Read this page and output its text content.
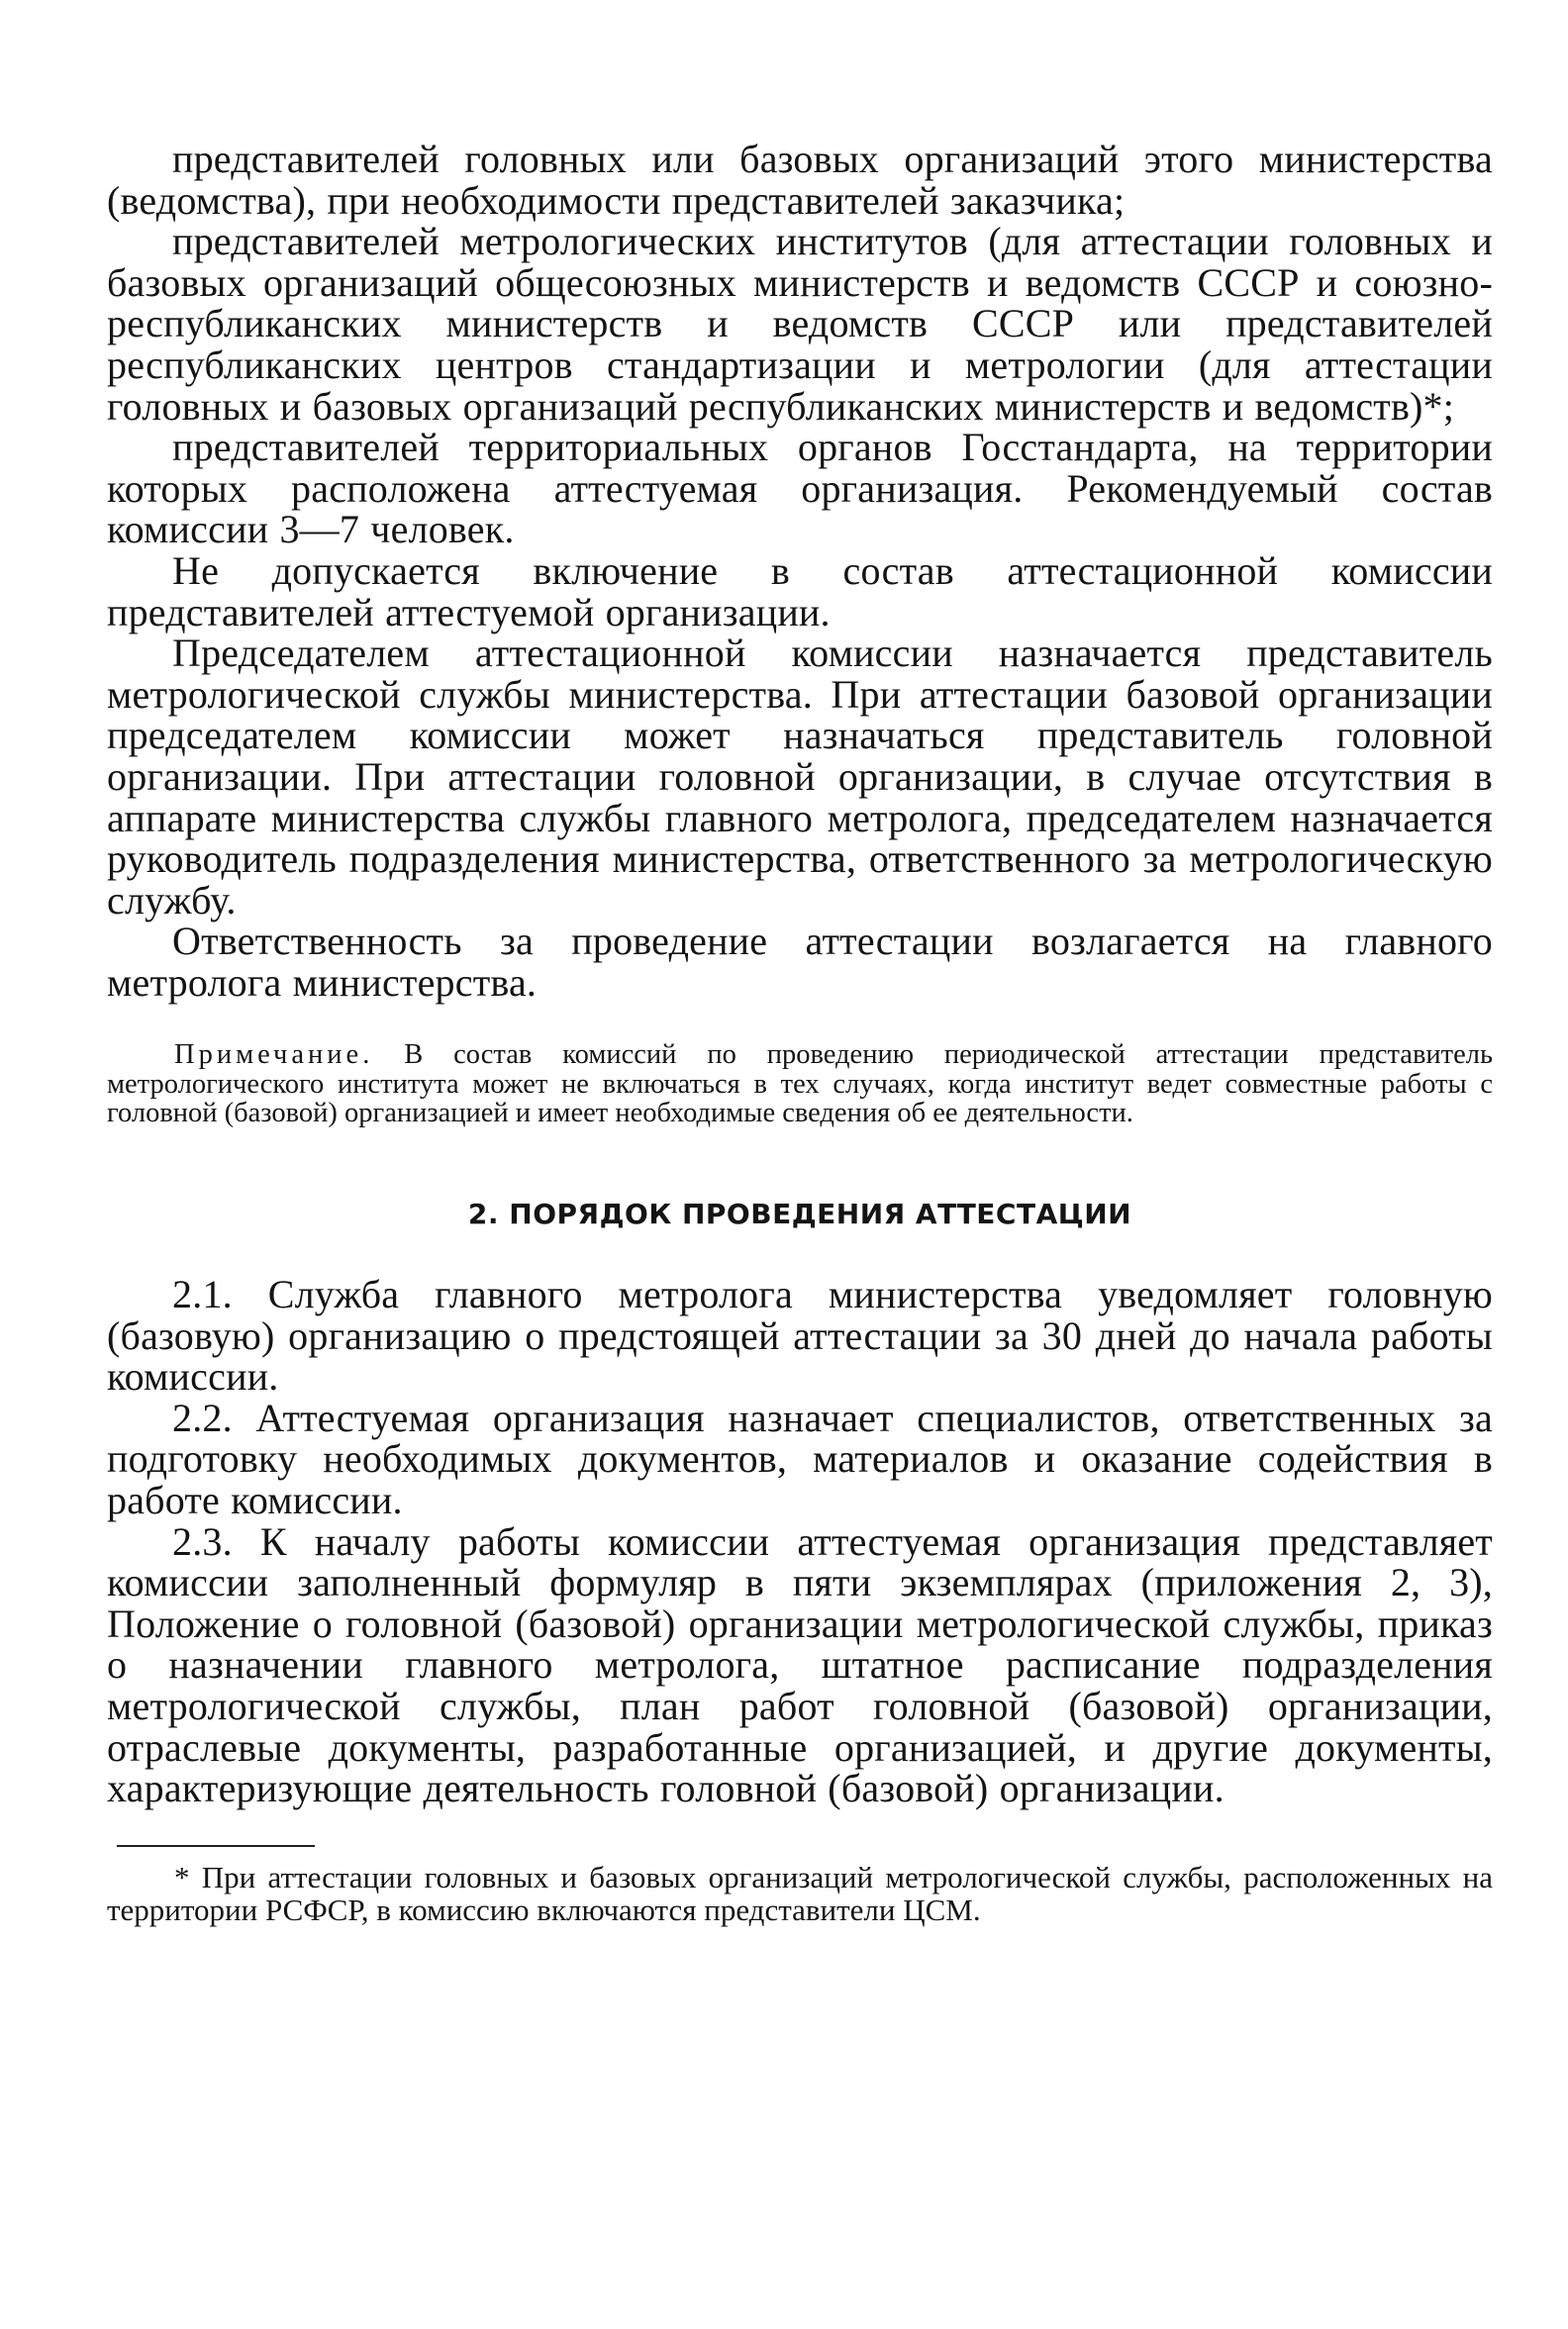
представителей головных или базовых организаций этого министерства (ведомства), при необходимости представителей заказчика;

представителей метрологических институтов (для аттестации головных и базовых организаций общесоюзных министерств и ведомств СССР и союзно-республиканских министерств и ведомств СССР или представителей республиканских центров стандартизации и метрологии (для аттестации головных и базовых организаций республиканских министерств и ведомств)*;

представителей территориальных органов Госстандарта, на территории которых расположена аттестуемая организация. Рекомендуемый состав комиссии 3—7 человек.

Не допускается включение в состав аттестационной комиссии представителей аттестуемой организации.

Председателем аттестационной комиссии назначается представитель метрологической службы министерства. При аттестации базовой организации председателем комиссии может назначаться представитель головной организации. При аттестации головной организации, в случае отсутствия в аппарате министерства службы главного метролога, председателем назначается руководитель подразделения министерства, ответственного за метрологическую службу.

Ответственность за проведение аттестации возлагается на главного метролога министерства.

Примечание. В состав комиссий по проведению периодической аттестации представитель метрологического института может не включаться в тех случаях, когда институт ведет совместные работы с головной (базовой) организацией и имеет необходимые сведения об ее деятельности.

2. ПОРЯДОК ПРОВЕДЕНИЯ АТТЕСТАЦИИ

2.1. Служба главного метролога министерства уведомляет головную (базовую) организацию о предстоящей аттестации за 30 дней до начала работы комиссии.

2.2. Аттестуемая организация назначает специалистов, ответственных за подготовку необходимых документов, материалов и оказание содействия в работе комиссии.

2.3. К началу работы комиссии аттестуемая организация представляет комиссии заполненный формуляр в пяти экземплярах (приложения 2, 3), Положение о головной (базовой) организации метрологической службы, приказ о назначении главного метролога, штатное расписание подразделения метрологической службы, план работ головной (базовой) организации, отраслевые документы, разработанные организацией, и другие документы, характеризующие деятельность головной (базовой) организации.

* При аттестации головных и базовых организаций метрологической службы, расположенных на территории РСФСР, в комиссию включаются представители ЦСМ.
